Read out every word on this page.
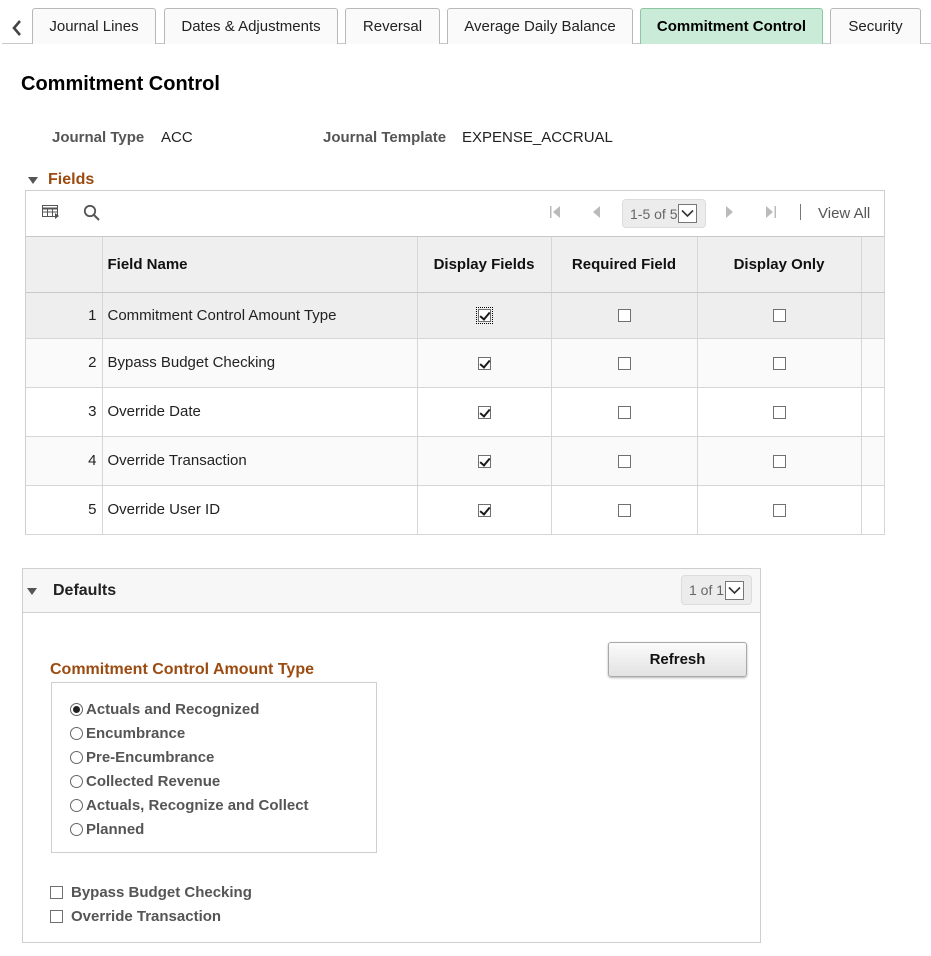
Journal Lines	Dates & Adjustments	Reversal	Average Daily Balance	Commitment Control	Security
Commitment Control
Journal Type ACC	Journal Template EXPENSE_ACCRUAL
Fields
1-5 of 5	View All
	Field Name	Display Fields	Required Field	Display Only	
1	Commitment Control Amount Type				
2	Bypass Budget Checking				
3	Override Date				
4	Override Transaction				
5	Override User ID				
Defaults	1 of 1
Refresh
Commitment Control Amount Type
Actuals and Recognized
Encumbrance
Pre-Encumbrance
Collected Revenue
Actuals, Recognize and Collect
Planned
Bypass Budget Checking
Override Transaction
